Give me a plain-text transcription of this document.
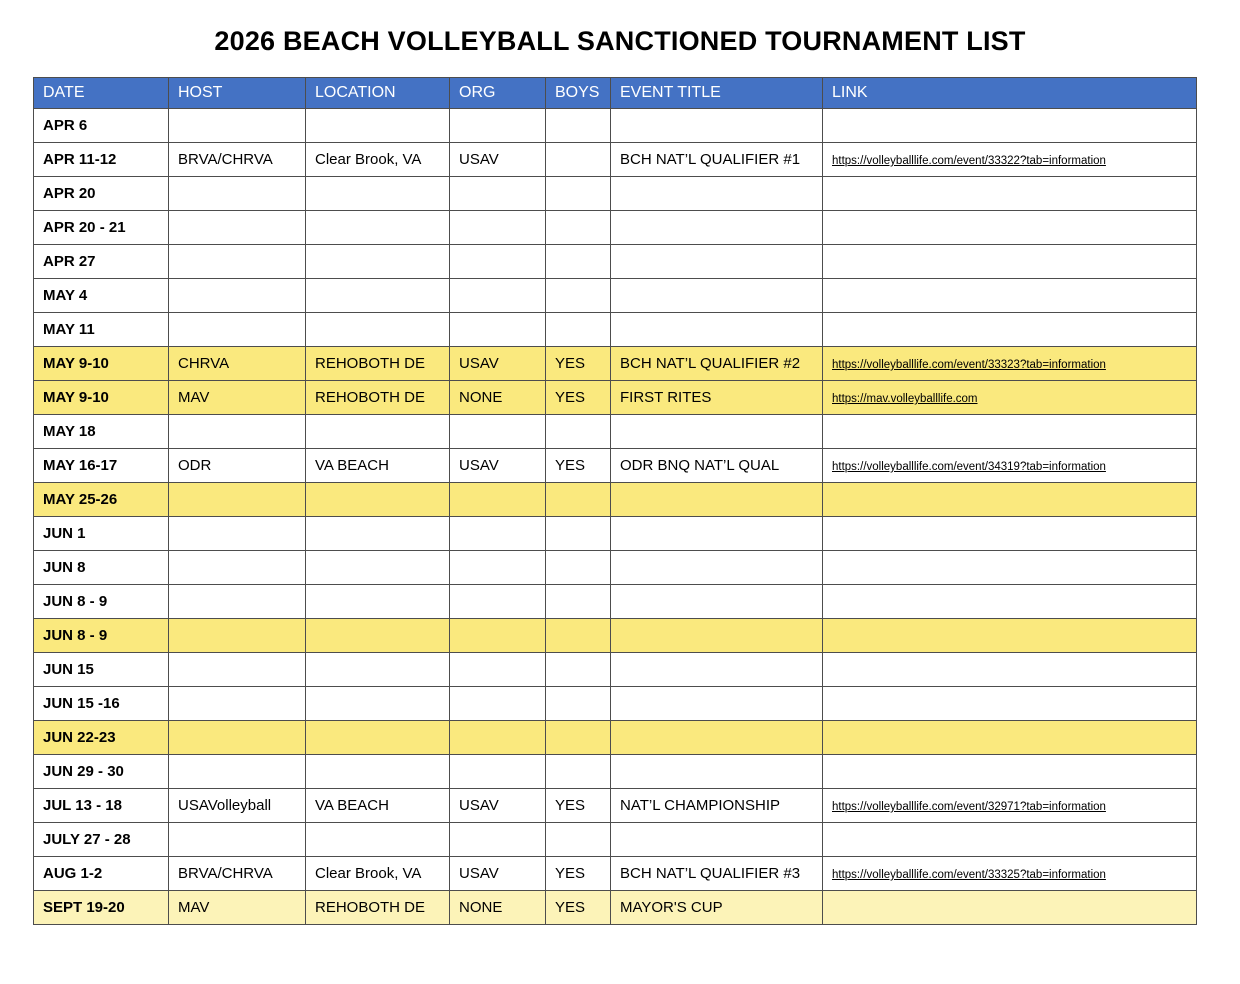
2026 BEACH VOLLEYBALL SANCTIONED TOURNAMENT LIST
DATE	HOST	LOCATION	ORG	BOYS	EVENT TITLE	LINK
APR 6						
APR 11-12	BRVA/CHRVA	Clear Brook, VA	USAV		BCH NAT’L QUALIFIER #1	https://volleyballlife.com/event/33322?tab=information
APR 20						
APR 20 - 21						
APR 27						
MAY 4						
MAY 11						
MAY 9-10	CHRVA	REHOBOTH DE	USAV	YES	BCH NAT’L QUALIFIER #2	https://volleyballlife.com/event/33323?tab=information
MAY 9-10	MAV	REHOBOTH DE	NONE	YES	FIRST RITES	https://mav.volleyballlife.com
MAY 18						
MAY 16-17	ODR	VA BEACH	USAV	YES	ODR BNQ NAT’L QUAL	https://volleyballlife.com/event/34319?tab=information
MAY 25-26						
JUN 1						
JUN 8						
JUN 8 - 9						
JUN 8 - 9						
JUN 15						
JUN 15 -16						
JUN 22-23						
JUN 29 - 30						
JUL 13 - 18	USAVolleyball	VA BEACH	USAV	YES	NAT’L CHAMPIONSHIP	https://volleyballlife.com/event/32971?tab=information
JULY 27 - 28						
AUG 1-2	BRVA/CHRVA	Clear Brook, VA	USAV	YES	BCH NAT’L QUALIFIER #3	https://volleyballlife.com/event/33325?tab=information
SEPT 19-20	MAV	REHOBOTH DE	NONE	YES	MAYOR'S CUP	
